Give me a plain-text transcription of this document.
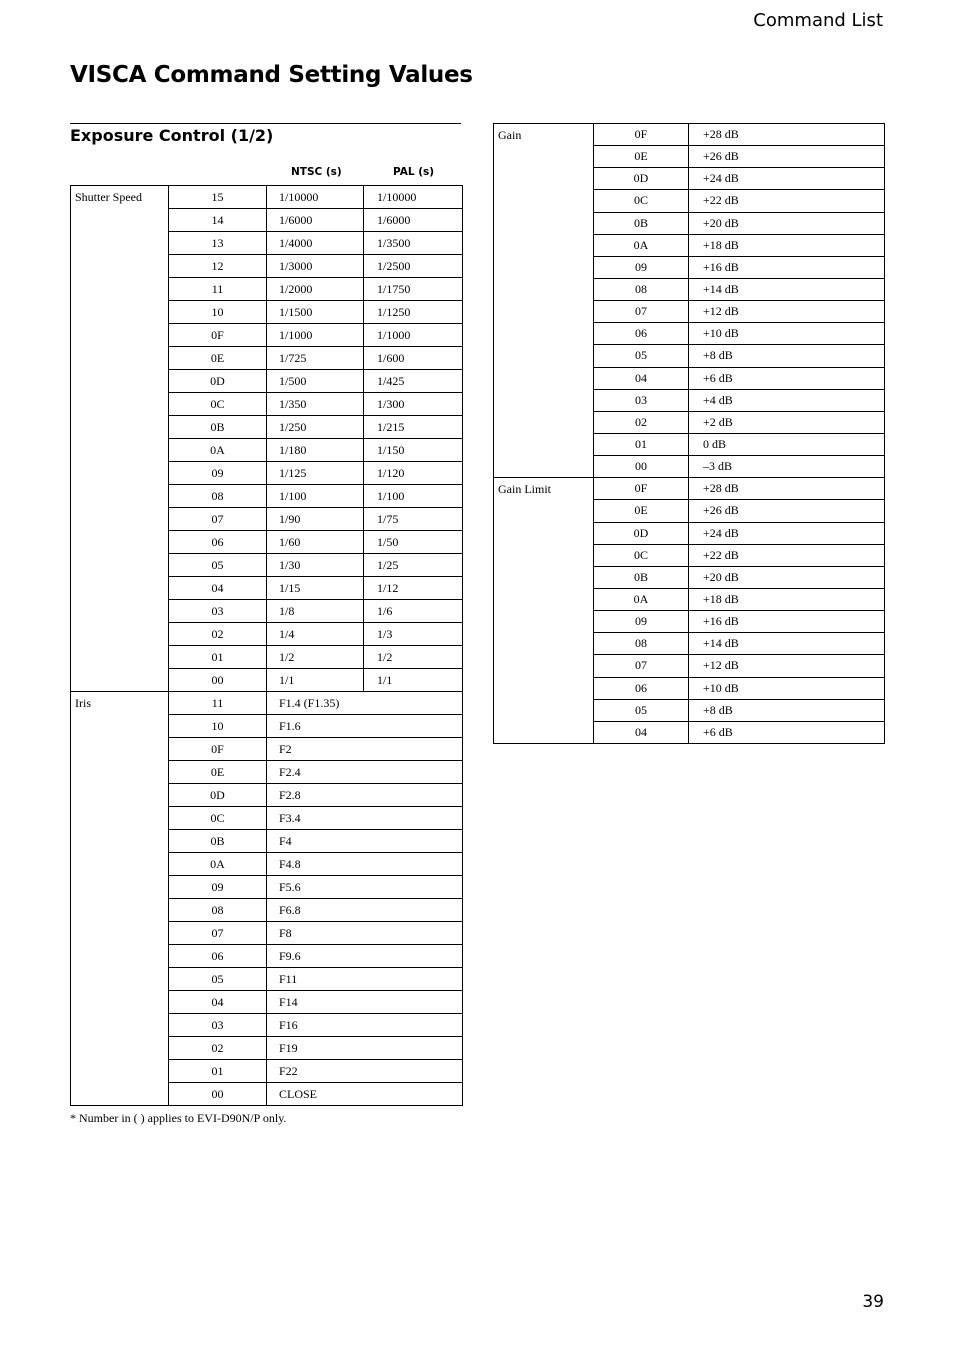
Command List
VISCA Command Setting Values
Exposure Control (1/2)
NTSC (s)	PAL (s)
Shutter Speed	15	1/10000	1/10000
	14	1/6000	1/6000
	13	1/4000	1/3500
	12	1/3000	1/2500
	11	1/2000	1/1750
	10	1/1500	1/1250
	0F	1/1000	1/1000
	0E	1/725	1/600
	0D	1/500	1/425
	0C	1/350	1/300
	0B	1/250	1/215
	0A	1/180	1/150
	09	1/125	1/120
	08	1/100	1/100
	07	1/90	1/75
	06	1/60	1/50
	05	1/30	1/25
	04	1/15	1/12
	03	1/8	1/6
	02	1/4	1/3
	01	1/2	1/2
	00	1/1	1/1
Iris	11	F1.4 (F1.35)	
	10	F1.6	
	0F	F2	
	0E	F2.4	
	0D	F2.8	
	0C	F3.4	
	0B	F4	
	0A	F4.8	
	09	F5.6	
	08	F6.8	
	07	F8	
	06	F9.6	
	05	F11	
	04	F14	
	03	F16	
	02	F19	
	01	F22	
	00	CLOSE	
Gain	0F	+28 dB
	0E	+26 dB
	0D	+24 dB
	0C	+22 dB
	0B	+20 dB
	0A	+18 dB
	09	+16 dB
	08	+14 dB
	07	+12 dB
	06	+10 dB
	05	+8 dB
	04	+6 dB
	03	+4 dB
	02	+2 dB
	01	0 dB
	00	–3 dB
Gain Limit	0F	+28 dB
	0E	+26 dB
	0D	+24 dB
	0C	+22 dB
	0B	+20 dB
	0A	+18 dB
	09	+16 dB
	08	+14 dB
	07	+12 dB
	06	+10 dB
	05	+8 dB
	04	+6 dB
* Number in ( ) applies to EVI-D90N/P only.
39
